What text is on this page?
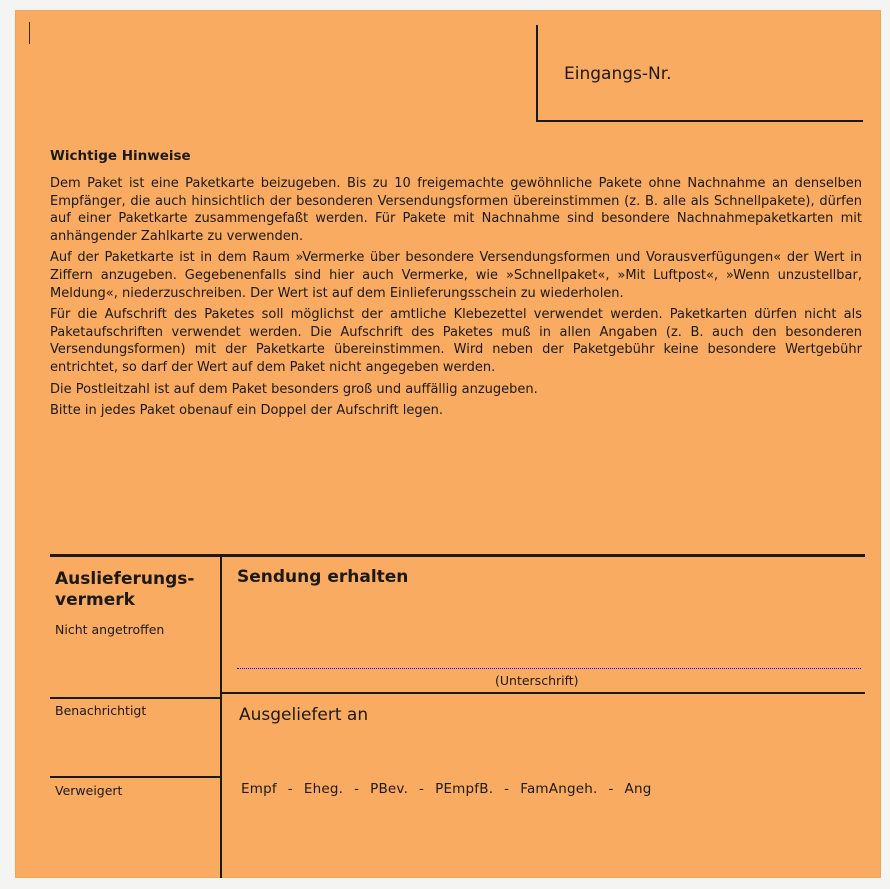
Eingangs-Nr.
Wichtige Hinweise

Dem Paket ist eine Paketkarte beizugeben. Bis zu 10 freigemachte gewöhnliche Pakete ohne Nachnahme an denselben Empfänger, die auch hinsichtlich der besonderen Versendungsformen übereinstimmen (z. B. alle als Schnellpakete), dürfen auf einer Paketkarte zusammengefaßt werden. Für Pakete mit Nachnahme sind besondere Nachnahmepaketkarten mit anhängender Zahlkarte zu verwenden.

Auf der Paketkarte ist in dem Raum »Vermerke über besondere Versendungsformen und Vorausverfügungen« der Wert in Ziffern anzugeben. Gegebenenfalls sind hier auch Vermerke, wie »Schnellpaket«, »Mit Luftpost«, »Wenn unzustellbar, Meldung«, niederzuschreiben. Der Wert ist auf dem Einlieferungsschein zu wiederholen.

Für die Aufschrift des Paketes soll möglichst der amtliche Klebezettel verwendet werden. Paketkarten dürfen nicht als Paketaufschriften verwendet werden. Die Aufschrift des Paketes muß in allen Angaben (z. B. auch den besonderen Versendungsformen) mit der Paketkarte übereinstimmen. Wird neben der Paketgebühr keine besondere Wertgebühr entrichtet, so darf der Wert auf dem Paket nicht angegeben werden.

Die Postleitzahl ist auf dem Paket besonders groß und auffällig anzugeben.

Bitte in jedes Paket obenauf ein Doppel der Aufschrift legen.

Auslieferungs-
vermerk
Nicht angetroffen
Benachrichtigt
Verweigert
Sendung erhalten
(Unterschrift)
Ausgeliefert an
Empf  -  Eheg.  -  PBev.  -  PEmpfB.  -  FamAngeh.  -  Ang
